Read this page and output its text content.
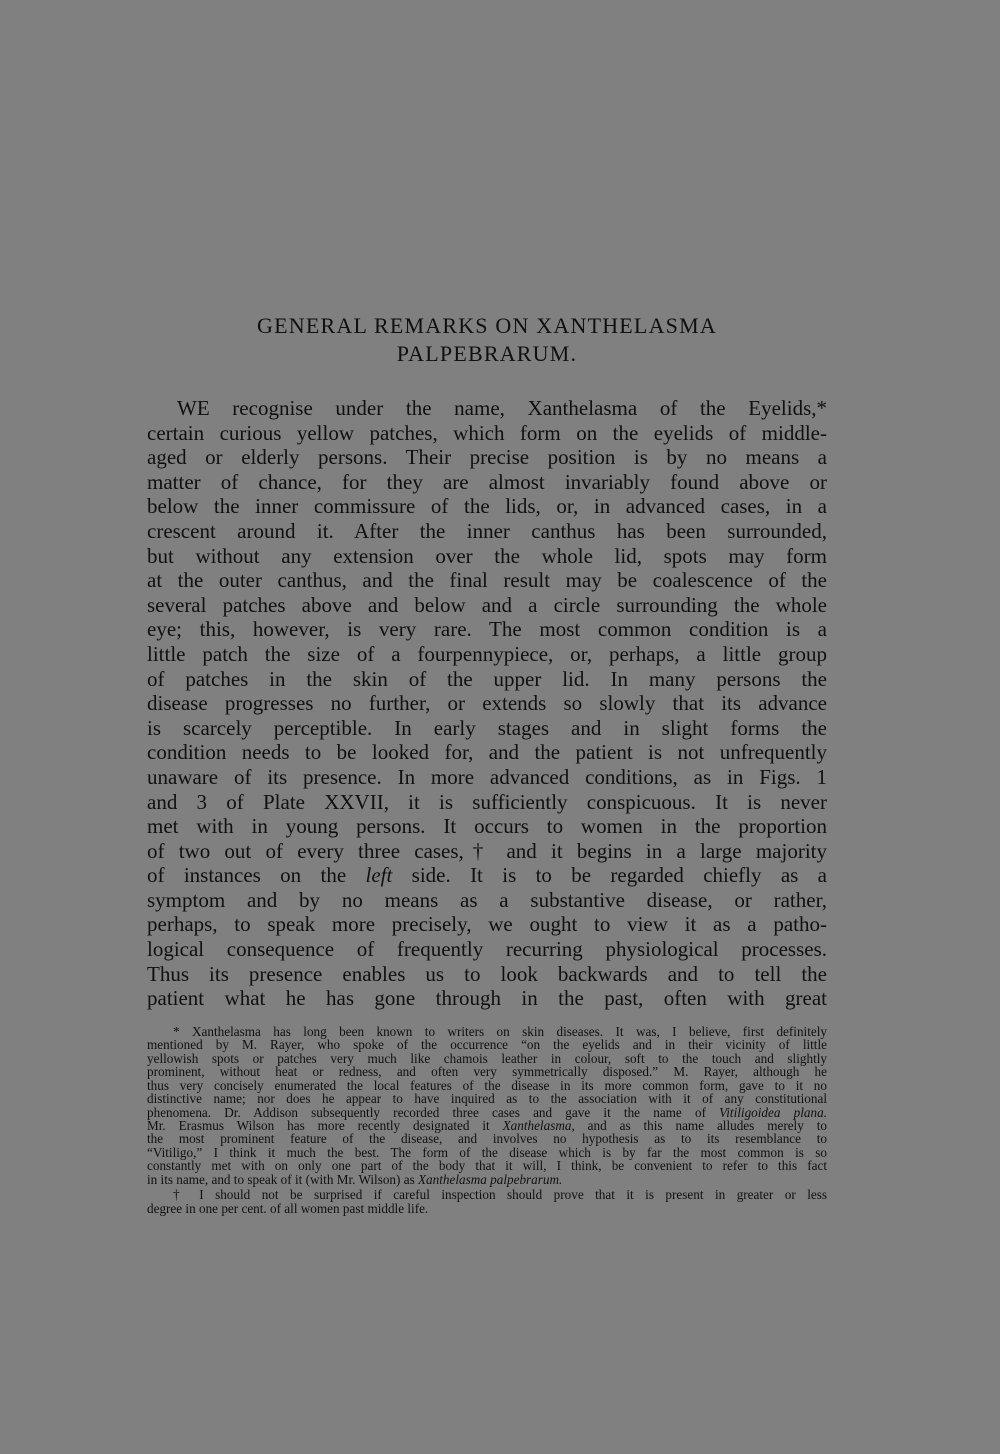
GENERAL REMARKS ON XANTHELASMA
PALPEBRARUM.
WE recognise under the name, Xanthelasma of the Eyelids,*
certain curious yellow patches, which form on the eyelids of middle-
aged or elderly persons. Their precise position is by no means a
matter of chance, for they are almost invariably found above or
below the inner commissure of the lids, or, in advanced cases, in a
crescent around it. After the inner canthus has been surrounded,
but without any extension over the whole lid, spots may form
at the outer canthus, and the final result may be coalescence of the
several patches above and below and a circle surrounding the whole
eye; this, however, is very rare. The most common condition is a
little patch the size of a fourpennypiece, or, perhaps, a little group
of patches in the skin of the upper lid. In many persons the
disease progresses no further, or extends so slowly that its advance
is scarcely perceptible. In early stages and in slight forms the
condition needs to be looked for, and the patient is not unfrequently
unaware of its presence. In more advanced conditions, as in Figs. 1
and 3 of Plate XXVII, it is sufficiently conspicuous. It is never
met with in young persons. It occurs to women in the proportion
of two out of every three cases,† and it begins in a large majority
of instances on the left side. It is to be regarded chiefly as a
symptom and by no means as a substantive disease, or rather,
perhaps, to speak more precisely, we ought to view it as a patho-
logical consequence of frequently recurring physiological processes.
Thus its presence enables us to look backwards and to tell the
patient what he has gone through in the past, often with great
* Xanthelasma has long been known to writers on skin diseases. It was, I believe, first definitely
mentioned by M. Rayer, who spoke of the occurrence “on the eyelids and in their vicinity of little
yellowish spots or patches very much like chamois leather in colour, soft to the touch and slightly
prominent, without heat or redness, and often very symmetrically disposed.” M. Rayer, although he
thus very concisely enumerated the local features of the disease in its more common form, gave to it no
distinctive name; nor does he appear to have inquired as to the association with it of any constitutional
phenomena. Dr. Addison subsequently recorded three cases and gave it the name of Vitiligoidea plana.
Mr. Erasmus Wilson has more recently designated it Xanthelasma, and as this name alludes merely to
the most prominent feature of the disease, and involves no hypothesis as to its resemblance to
“Vitiligo,” I think it much the best. The form of the disease which is by far the most common is so
constantly met with on only one part of the body that it will, I think, be convenient to refer to this fact
in its name, and to speak of it (with Mr. Wilson) as Xanthelasma palpebrarum.
† I should not be surprised if careful inspection should prove that it is present in greater or less
degree in one per cent. of all women past middle life.
